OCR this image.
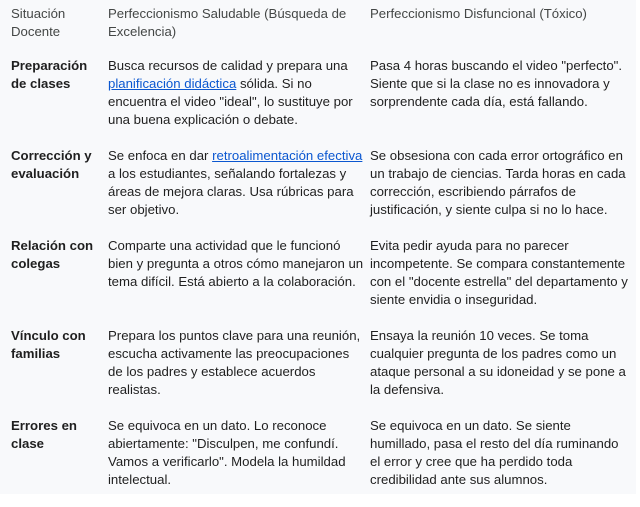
Situación Docente	Perfeccionismo Saludable (Búsqueda de Excelencia)	Perfeccionismo Disfuncional (Tóxico)
Preparación de clases	Busca recursos de calidad y prepara una planificación didáctica sólida. Si no encuentra el video "ideal", lo sustituye por una buena explicación o debate.	Pasa 4 horas buscando el video "perfecto". Siente que si la clase no es innovadora y sorprendente cada día, está fallando.
Corrección y evaluación	Se enfoca en dar retroalimentación efectiva a los estudiantes, señalando fortalezas y áreas de mejora claras. Usa rúbricas para ser objetivo.	Se obsesiona con cada error ortográfico en un trabajo de ciencias. Tarda horas en cada corrección, escribiendo párrafos de justificación, y siente culpa si no lo hace.
Relación con colegas	Comparte una actividad que le funcionó bien y pregunta a otros cómo manejaron un tema difícil. Está abierto a la colaboración.	Evita pedir ayuda para no parecer incompetente. Se compara constantemente con el "docente estrella" del departamento y siente envidia o inseguridad.
Vínculo con familias	Prepara los puntos clave para una reunión, escucha activamente las preocupaciones de los padres y establece acuerdos realistas.	Ensaya la reunión 10 veces. Se toma cualquier pregunta de los padres como un ataque personal a su idoneidad y se pone a la defensiva.
Errores en clase	Se equivoca en un dato. Lo reconoce abiertamente: "Disculpen, me confundí. Vamos a verificarlo". Modela la humildad intelectual.	Se equivoca en un dato. Se siente humillado, pasa el resto del día ruminando el error y cree que ha perdido toda credibilidad ante sus alumnos.
